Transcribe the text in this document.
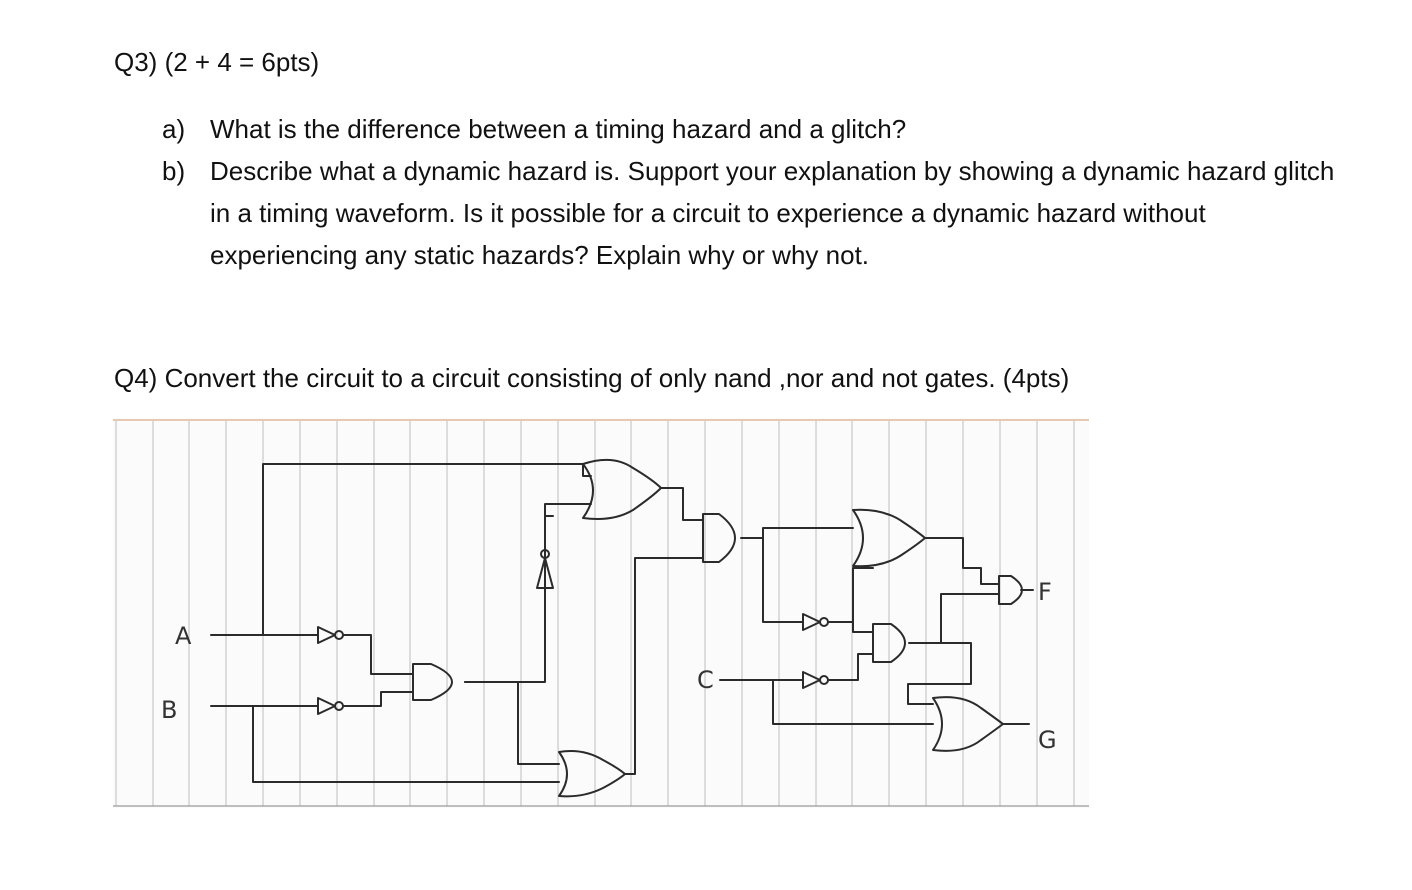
Q3) (2 + 4 = 6pts)
a) What is the difference between a timing hazard and a glitch?
b) Describe what a dynamic hazard is. Support your explanation by showing a dynamic hazard glitch in a timing waveform. Is it possible for a circuit to experience a dynamic hazard without experiencing any static hazards? Explain why or why not.
Q4) Convert the circuit to a circuit consisting of only nand ,nor and not gates. (4pts)
A
B
C
F
G
